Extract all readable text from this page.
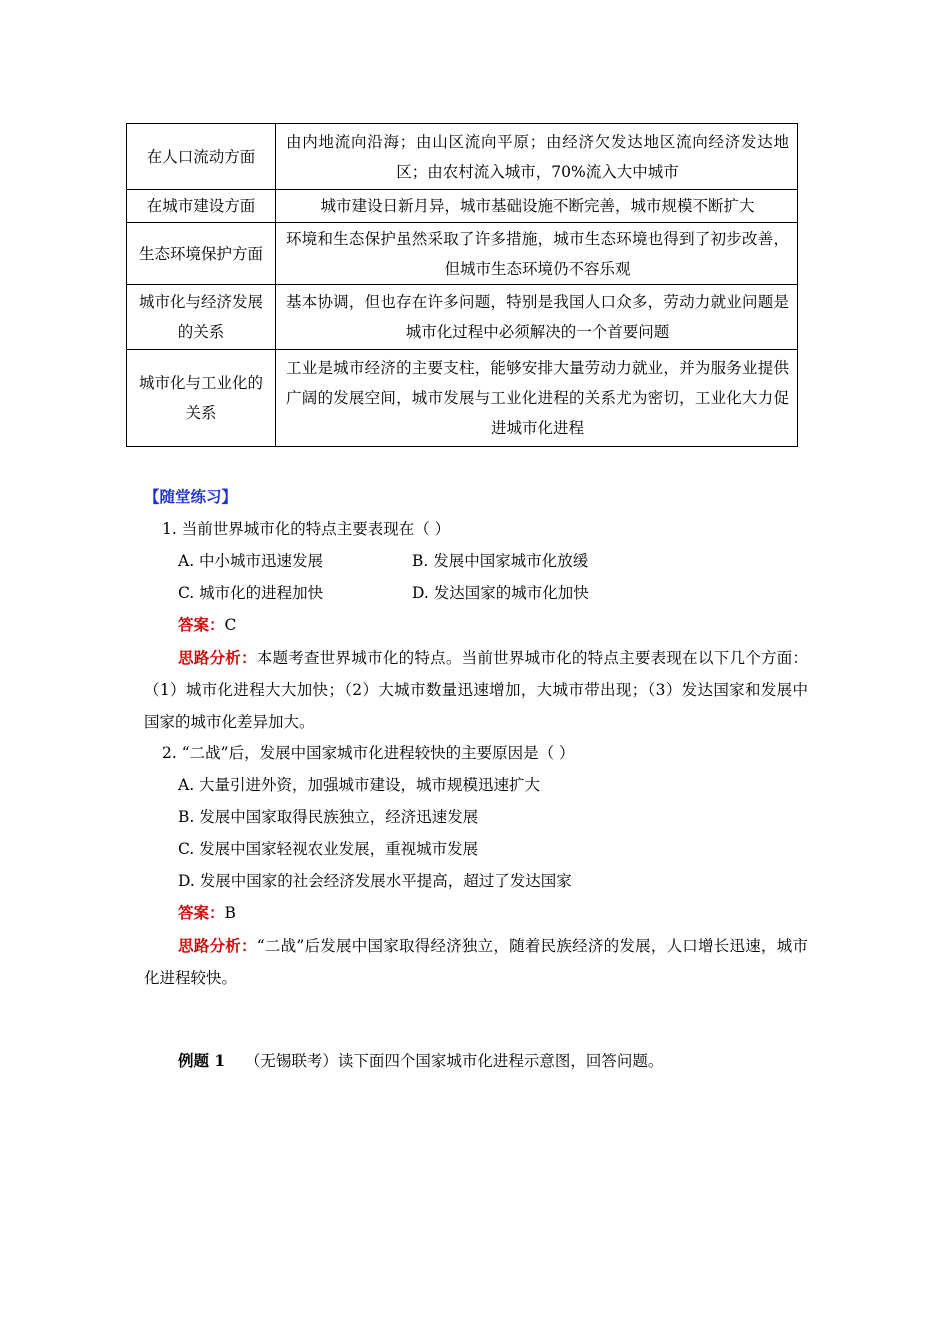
在人口流动方面	由内地流向沿海；由山区流向平原；由经济欠发达地区流向经济发达地区；由农村流入城市，70%流入大中城市
在城市建设方面	城市建设日新月异，城市基础设施不断完善，城市规模不断扩大
生态环境保护方面	环境和生态保护虽然采取了许多措施，城市生态环境也得到了初步改善，但城市生态环境仍不容乐观
城市化与经济发展的关系	基本协调，但也存在许多问题，特别是我国人口众多，劳动力就业问题是城市化过程中必须解决的一个首要问题
城市化与工业化的关系	工业是城市经济的主要支柱，能够安排大量劳动力就业，并为服务业提供广阔的发展空间，城市发展与工业化进程的关系尤为密切，工业化大力促进城市化进程
【随堂练习】
1. 当前世界城市化的特点主要表现在（ ）
A. 中小城市迅速发展	B. 发展中国家城市化放缓
C. 城市化的进程加快	D. 发达国家的城市化加快
答案：C
思路分析：本题考查世界城市化的特点。当前世界城市化的特点主要表现在以下几个方面：（1）城市化进程大大加快；（2）大城市数量迅速增加，大城市带出现；（3）发达国家和发展中国家的城市化差异加大。
2. “二战”后，发展中国家城市化进程较快的主要原因是（ ）
A. 大量引进外资，加强城市建设，城市规模迅速扩大
B. 发展中国家取得民族独立，经济迅速发展
C. 发展中国家轻视农业发展，重视城市发展
D. 发展中国家的社会经济发展水平提高，超过了发达国家
答案：B
思路分析：“二战”后发展中国家取得经济独立，随着民族经济的发展，人口增长迅速，城市化进程较快。
例题 1 （无锡联考）读下面四个国家城市化进程示意图，回答问题。
